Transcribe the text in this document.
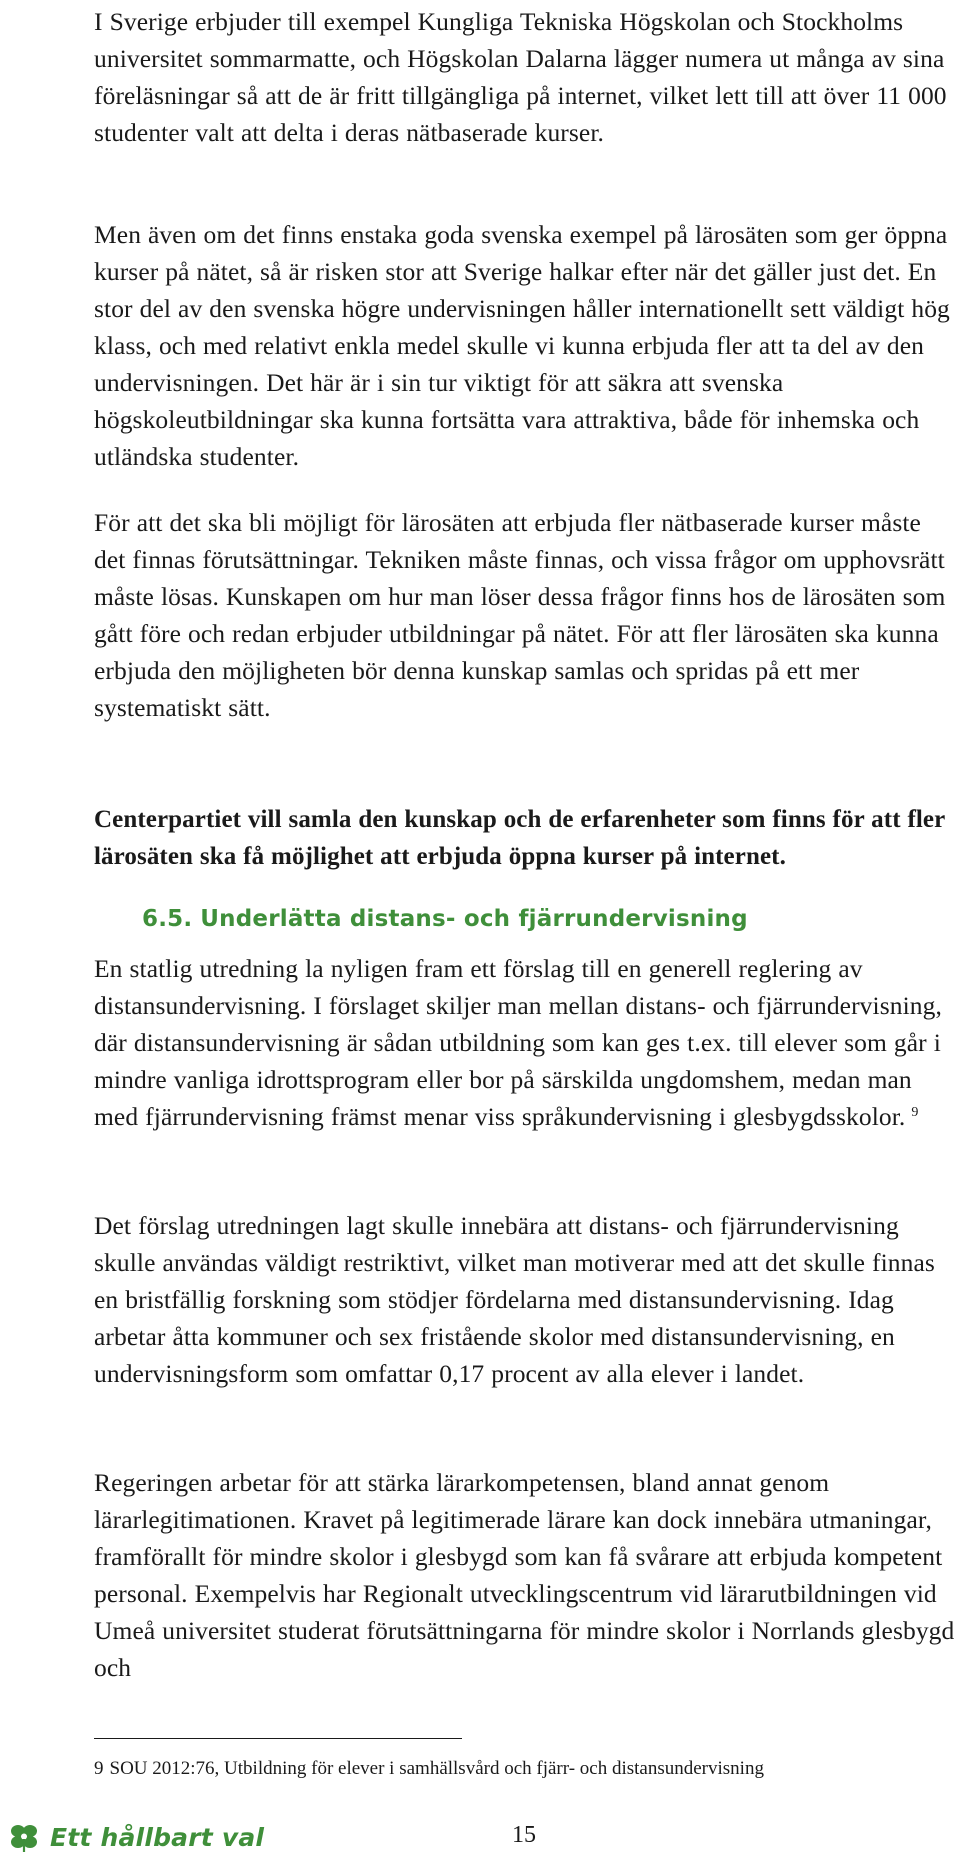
I Sverige erbjuder till exempel Kungliga Tekniska Högskolan och Stockholms universitet sommarmatte, och Högskolan Dalarna lägger numera ut många av sina föreläsningar så att de är fritt tillgängliga på internet, vilket lett till att över 11 000 studenter valt att delta i deras nätbaserade kurser.

Men även om det finns enstaka goda svenska exempel på lärosäten som ger öppna kurser på nätet, så är risken stor att Sverige halkar efter när det gäller just det. En stor del av den svenska högre undervisningen håller internationellt sett väldigt hög klass, och med relativt enkla medel skulle vi kunna erbjuda fler att ta del av den undervisningen. Det här är i sin tur viktigt för att säkra att svenska högskoleutbildningar ska kunna fortsätta vara attraktiva, både för inhemska och utländska studenter.

För att det ska bli möjligt för lärosäten att erbjuda fler nätbaserade kurser måste det finnas förutsättningar. Tekniken måste finnas, och vissa frågor om upphovsrätt måste lösas. Kunskapen om hur man löser dessa frågor finns hos de lärosäten som gått före och redan erbjuder utbildningar på nätet. För att fler lärosäten ska kunna erbjuda den möjligheten bör denna kunskap samlas och spridas på ett mer systematiskt sätt.

Centerpartiet vill samla den kunskap och de erfarenheter som finns för att fler lärosäten ska få möjlighet att erbjuda öppna kurser på internet.

6.5. Underlätta distans- och fjärrundervisning

En statlig utredning la nyligen fram ett förslag till en generell reglering av distansundervisning. I förslaget skiljer man mellan distans- och fjärrundervisning, där distansundervisning är sådan utbildning som kan ges t.ex. till elever som går i mindre vanliga idrottsprogram eller bor på särskilda ungdomshem, medan man med fjärrundervisning främst menar viss språkundervisning i glesbygdsskolor. $^9$

Det förslag utredningen lagt skulle innebära att distans- och fjärrundervisning skulle användas väldigt restriktivt, vilket man motiverar med att det skulle finnas en bristfällig forskning som stödjer fördelarna med distansundervisning. Idag arbetar åtta kommuner och sex fristående skolor med distansundervisning, en undervisningsform som omfattar 0,17 procent av alla elever i landet.

Regeringen arbetar för att stärka lärarkompetensen, bland annat genom lärarlegitimationen. Kravet på legitimerade lärare kan dock innebära utmaningar, framförallt för mindre skolor i glesbygd som kan få svårare att erbjuda kompetent personal. Exempelvis har Regionalt utvecklingscentrum vid lärarutbildningen vid Umeå universitet studerat förutsättningarna för mindre skolor i Norrlands glesbygd och

9 SOU 2012:76, Utbildning för elever i samhällsvård och fjärr- och distansundervisning

Ett hållbart val	15
